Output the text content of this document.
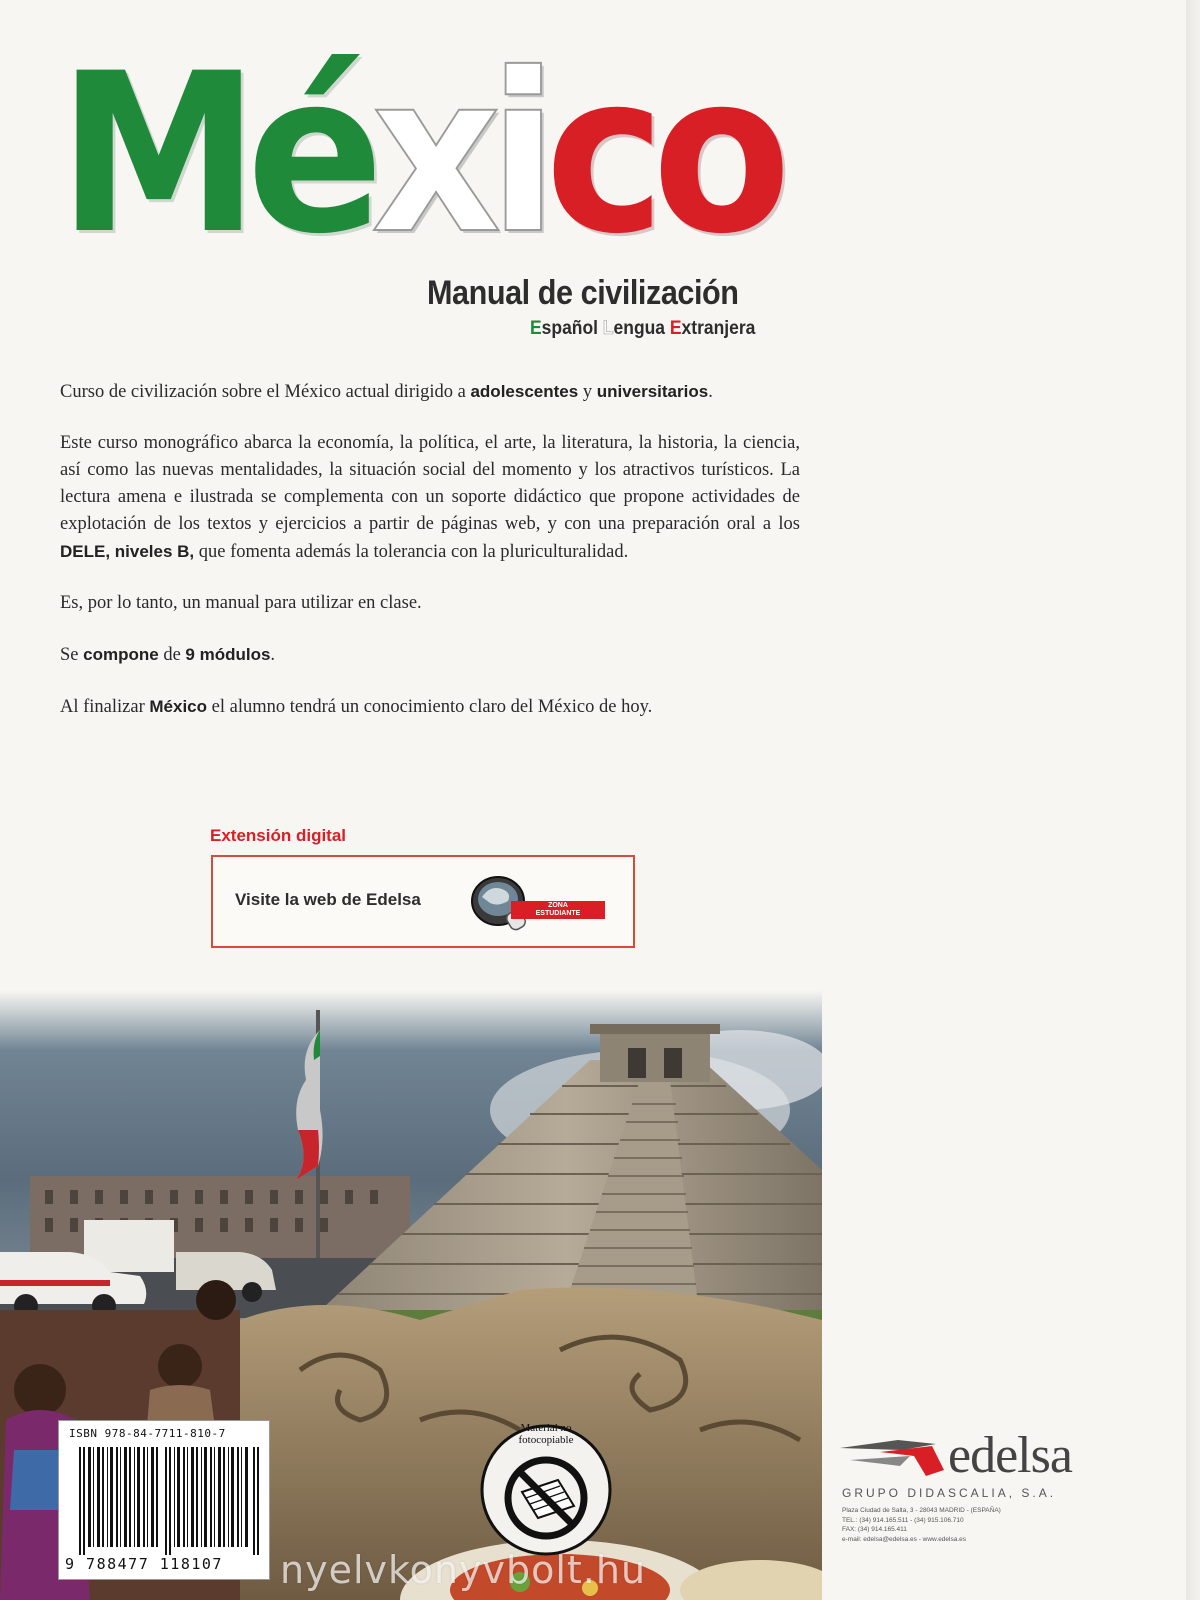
México
Manual de civilización
Español Lengua Extranjera

Curso de civilización sobre el México actual dirigido a adolescentes y universitarios.

Este curso monográfico abarca la economía, la política, el arte, la literatura, la historia, la ciencia, así como las nuevas mentalidades, la situación social del momento y los atractivos turísticos. La lectura amena e ilustrada se complementa con un soporte didáctico que propone actividades de explotación de los textos y ejercicios a partir de páginas web, y con una preparación oral a los DELE, niveles B, que fomenta además la tolerancia con la pluriculturalidad.

Es, por lo tanto, un manual para utilizar en clase.

Se compone de 9 módulos.

Al finalizar México el alumno tendrá un conocimiento claro del México de hoy.

Extensión digital
Visite la web de Edelsa	ZONA
ESTUDIANTE
ISBN 978-84-7711-810-7
9 788477 118107
Material no fotocopiable	edelsa
GRUPO DIDASCALIA, S.A.
Plaza Ciudad de Salta, 3 - 28043 MADRID - (ESPAÑA)
TEL.: (34) 914.165.511 - (34) 915.106.710
FAX: (34) 914.165.411
e-mail: edelsa@edelsa.es - www.edelsa.es
nyelvkonyvbolt.hu
